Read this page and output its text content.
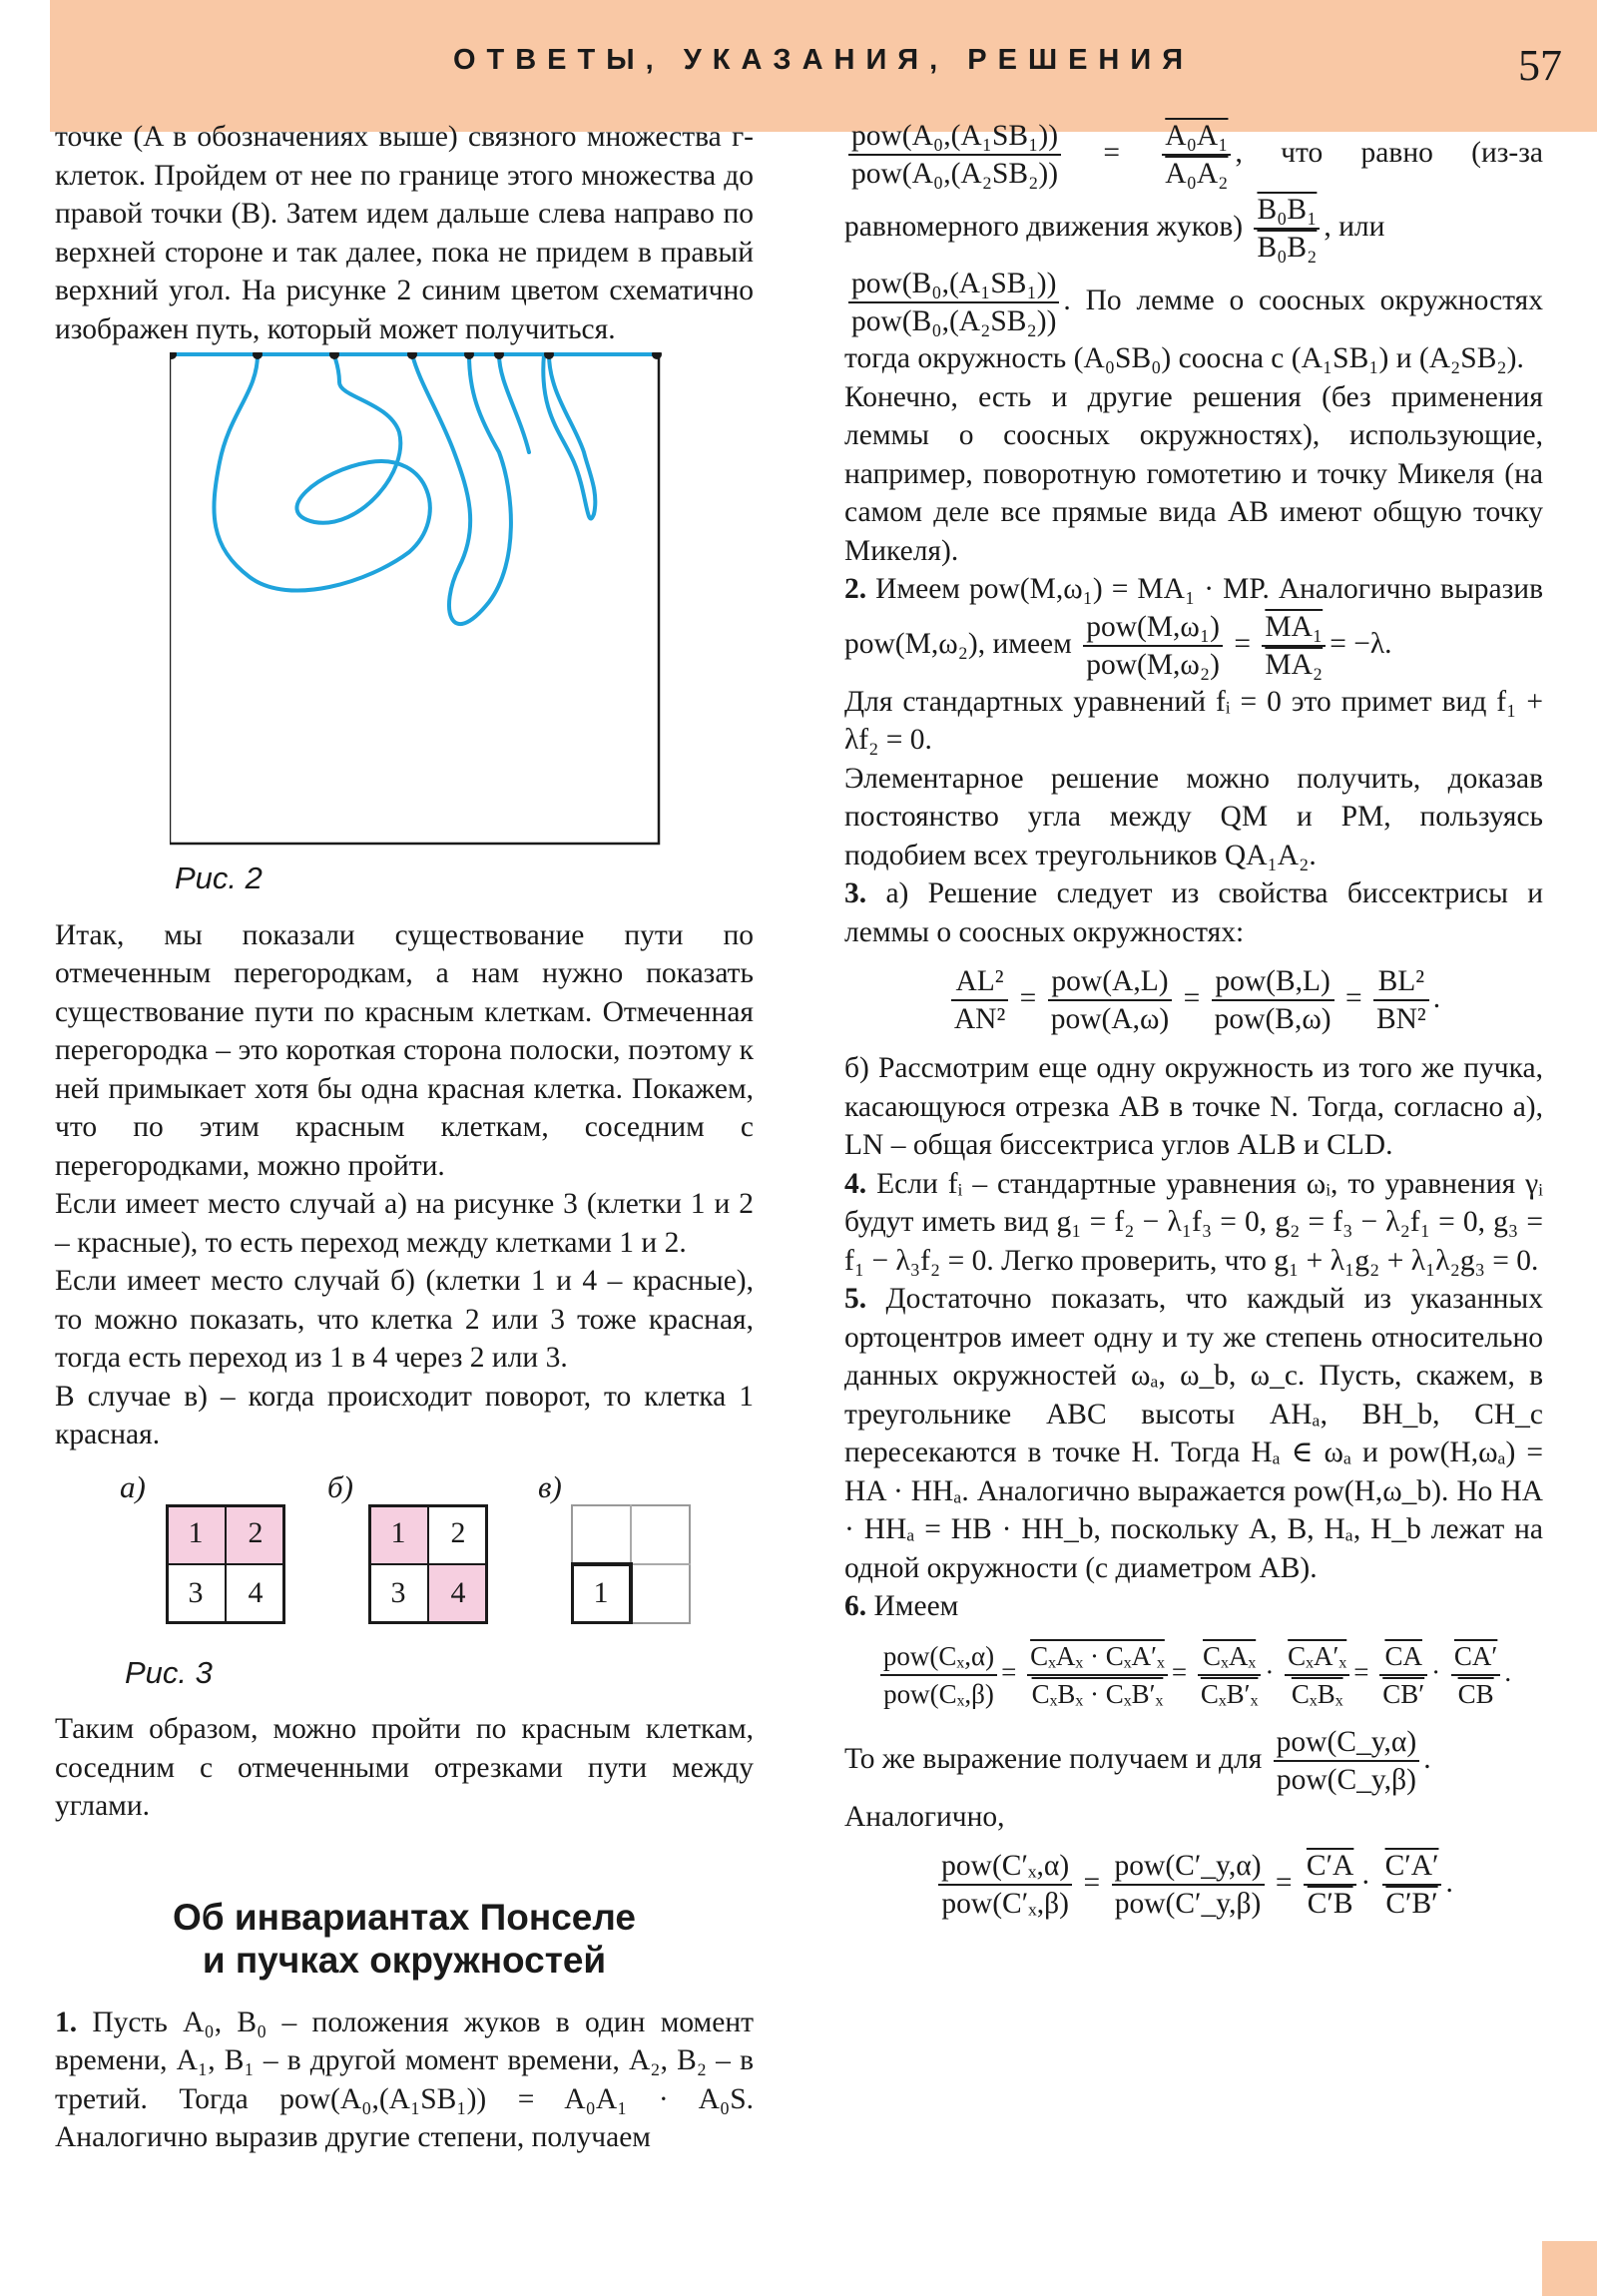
ОТВЕТЫ, УКАЗАНИЯ, РЕШЕНИЯ	57

точке (A в обозначениях выше) связного множества г-клеток. Пройдем от нее по границе этого множества до правой точки (B). Затем идем дальше слева направо по верхней стороне и так далее, пока не придем в правый верхний угол. На рисунке 2 синим цветом схематично изображен путь, который может получиться.

Рис. 2

Итак, мы показали существование пути по отмеченным перегородкам, а нам нужно показать существование пути по красным клеткам. Отмеченная перегородка – это короткая сторона полоски, поэтому к ней примыкает хотя бы одна красная клетка. Покажем, что по этим красным клеткам, соседним с перегородками, можно пройти.

Если имеет место случай а) на рисунке 3 (клетки 1 и 2 – красные), то есть переход между клетками 1 и 2.

Если имеет место случай б) (клетки 1 и 4 – красные), то можно показать, что клетка 2 или 3 тоже красная, тогда есть переход из 1 в 4 через 2 или 3.

В случае в) – когда происходит поворот, то клетка 1 красная.

а)
1	2
3	4
б)
1	2
3	4
в)
1
Рис. 3

Таким образом, можно пройти по красным клеткам, соседним с отмеченными отрезками пути между углами.

Об инвариантах Понселе
и пучках окружностей

1. Пусть A₀, B₀ – положения жуков в один момент времени, A₁, B₁ – в другой момент времени, A₂, B₂ – в третий. Тогда pow(A₀,(A₁SB₁)) = A₀A₁ · A₀S. Аналогично выразив другие степени, получаем

$\frac{\text{pow(A₀,(A₁SB₁))}}{\text{pow(A₀,(A₂SB₂))}} = \frac{\text{A₀A₁}}{\text{A₀A₂}}$ , что равно (из-за равномерного движения жуков) $\frac{\text{B₀B₁}}{\text{B₀B₂}}$ , или

$\frac{\text{pow(B₀,(A₁SB₁))}}{\text{pow(B₀,(A₂SB₂))}}$ . По лемме о соосных окружностях тогда окружность (A₀SB₀) соосна с (A₁SB₁) и (A₂SB₂).

Конечно, есть и другие решения (без применения леммы о соосных окружностях), использующие, например, поворотную гомотетию и точку Микеля (на самом деле все прямые вида AB имеют общую точку Микеля).

2. Имеем pow(M,ω₁) = MA₁ · MP. Аналогично выразив pow(M,ω₂), имеем $\frac{\text{pow(M,ω₁)}}{\text{pow(M,ω₂)}} = \frac{\text{MA₁}}{\text{MA₂}} = -\lambda$.

Для стандартных уравнений fᵢ = 0 это примет вид f₁ + λf₂ = 0.

Элементарное решение можно получить, доказав постоянство угла между QM и PM, пользуясь подобием всех треугольников QA₁A₂.

3. а) Решение следует из свойства биссектрисы и леммы о соосных окружностях:

$\frac{\text{AL²}}{\text{AN²}} = \frac{\text{pow(A,L)}}{\text{pow(A,ω)}} = \frac{\text{pow(B,L)}}{\text{pow(B,ω)}} = \frac{\text{BL²}}{\text{BN²}}$ .

б) Рассмотрим еще одну окружность из того же пучка, касающуюся отрезка AB в точке N. Тогда, согласно а), LN – общая биссектриса углов ALB и CLD.

4. Если fᵢ – стандартные уравнения ωᵢ, то уравнения γᵢ будут иметь вид g₁ = f₂ − λ₁f₃ = 0, g₂ = f₃ − λ₂f₁ = 0, g₃ = f₁ − λ₃f₂ = 0. Легко проверить, что g₁ + λ₁g₂ + λ₁λ₂g₃ = 0.

5. Достаточно показать, что каждый из указанных ортоцентров имеет одну и ту же степень относительно данных окружностей ωₐ, ω_b, ω_c. Пусть, скажем, в треугольнике ABC высоты AHₐ, BH_b, CH_c пересекаются в точке H. Тогда Hₐ ∈ ωₐ и pow(H,ωₐ) = HA · HHₐ. Аналогично выражается pow(H,ω_b). Но HA · HHₐ = HB · HH_b, поскольку A, B, Hₐ, H_b лежат на одной окружности (с диаметром AB).

6. Имеем

$\frac{\text{pow(Cₓ,α)}}{\text{pow(Cₓ,β)}} = \frac{\text{CₓAₓ · CₓA′ₓ}}{\text{CₓBₓ · CₓB′ₓ}} = \frac{\text{CₓAₓ}}{\text{CₓB′ₓ}} \cdot \frac{\text{CₓA′ₓ}}{\text{CₓBₓ}} = \frac{\overline{CA}}{CB'} \cdot \frac{CA'}{CB}$ .

То же выражение получаем и для $\frac{\text{pow(C\_y,α)}}{\text{pow(C\_y,β)}}$ .

Аналогично,

$\frac{\text{pow(C′ₓ,α)}}{\text{pow(C′ₓ,β)}} = \frac{\text{pow(C′\_y,α)}}{\text{pow(C′\_y,β)}} = \frac{C'A}{C'B} \cdot \frac{C'A'}{C'B'}$ .
